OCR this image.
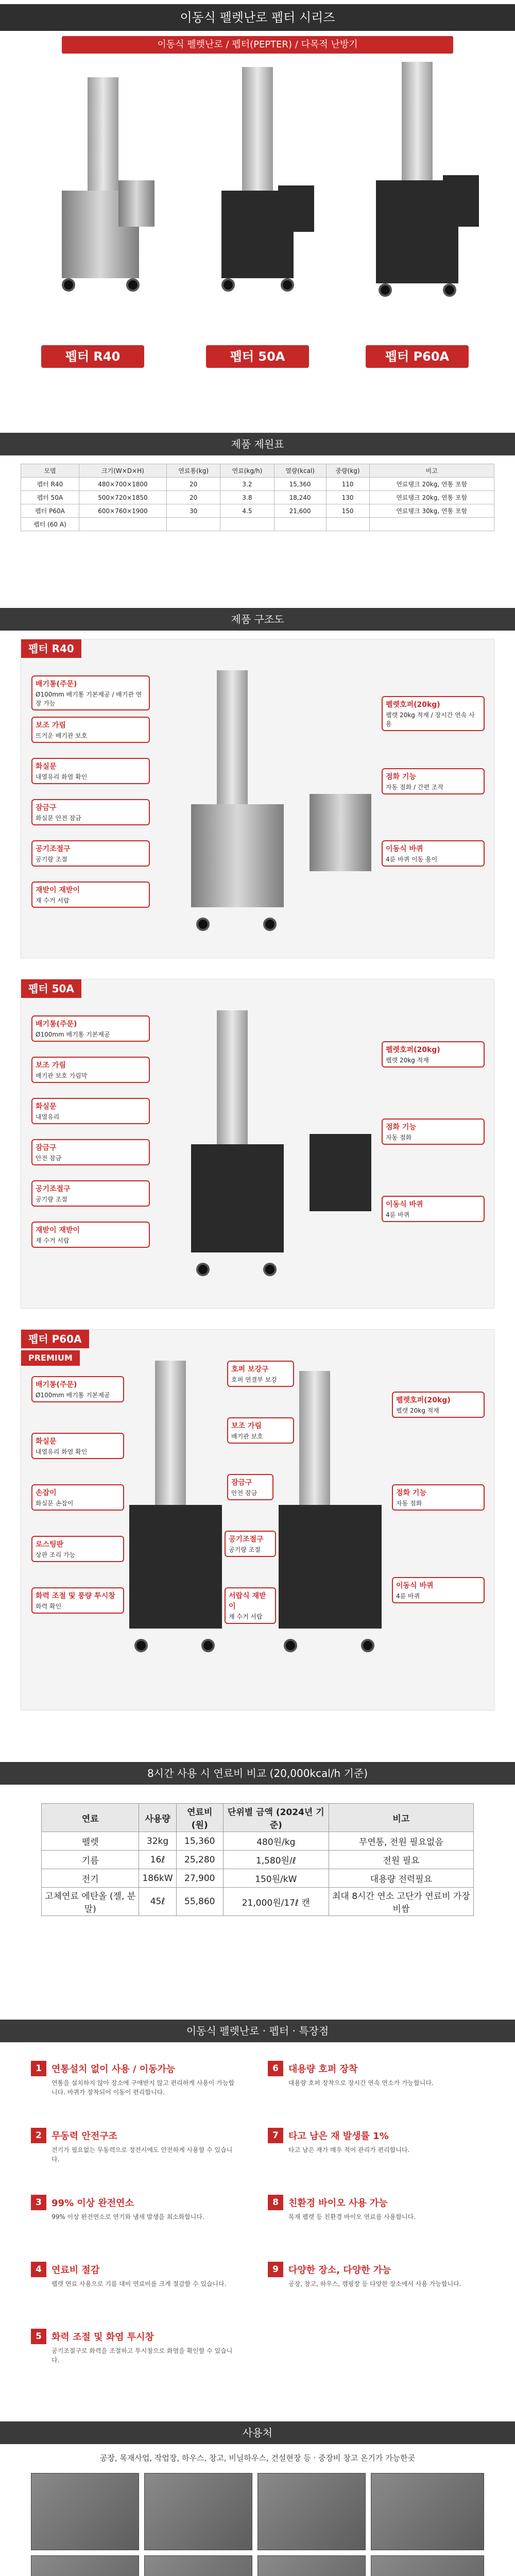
이동식 펠렛난로 펩터 시리즈
이동식 펠렛난로 / 펩터(PEPTER) / 다목적 난방기
펩터 R40	펩터 50A	펩터 P60A
제품 제원표
모델	크기(W×D×H)	연료통(kg)	연료(kg/h)	열량(kcal)	중량(kg)	비고
펩터 R40	480×700×1800	20	3.2	15,360	110	연료탱크 20kg, 연통 포함
펩터 50A	500×720×1850	20	3.8	18,240	130	연료탱크 20kg, 연통 포함
펩터 P60A	600×760×1900	30	4.5	21,600	150	연료탱크 30kg, 연통 포함
펩터 (60 A)						
제품 구조도
펩터 R40
배기통(주문)
Ø100mm 배기통 기본제공 / 배기관 연장 가능
보조 가림
뜨거운 배기관 보호
화실문
내열유리 화염 확인
잠금구
화실문 안전 잠금
공기조절구
공기량 조절
재받이 재받이
재 수거 서랍
펠렛호퍼(20kg)
펠렛 20kg 적재 / 장시간 연속 사용
점화 기능
자동 점화 / 간편 조작
이동식 바퀴
4륜 바퀴 이동 용이
펩터 50A
배기통(주문)
Ø100mm 배기통 기본제공
보조 가림
배기관 보호 가림막
화실문
내열유리
잠금구
안전 잠금
공기조절구
공기량 조절
재받이 재받이
재 수거 서랍
펠렛호퍼(20kg)
펠렛 20kg 적재
점화 기능
자동 점화
이동식 바퀴
4륜 바퀴
펩터 P60A
PREMIUM
배기통(주문)
Ø100mm 배기통 기본제공
화실문
내열유리 화염 확인
손잡이
화실문 손잡이
로스팅판
상판 조리 가능
화력 조절 및 풍량 투시창
화력 확인
호퍼 보강구
호퍼 연결부 보강
보조 가림
배기관 보호
잠금구
안전 잠금
공기조절구
공기량 조절
서랍식 재받이
재 수거 서랍
펠렛호퍼(20kg)
펠렛 20kg 적재
점화 기능
자동 점화
이동식 바퀴
4륜 바퀴
8시간 사용 시 연료비 비교 (20,000kcal/h 기준)
연료	사용량	연료비(원)	단위별 금액 (2024년 기준)	비고
펠렛	32kg	15,360	480원/kg	무연통, 전원 필요없음
기름	16ℓ	25,280	1,580원/ℓ	전원 필요
전기	186kW	27,900	150원/kW	대용량 전력필요
고체연료 에탄올 (젤, 분말)	45ℓ	55,860	21,000원/17ℓ 캔	최대 8시간 연소 고단가 연료비 가장 비쌈
이동식 펠렛난로 · 펩터 · 특장점
1	연통설치 없이 사용 / 이동가능
연통을 설치하지 않아 장소에 구애받지 않고 편리하게 사용이 가능합니다. 바퀴가 장착되어 이동이 편리합니다.
2	무동력 안전구조
전기가 필요없는 무동력으로 정전시에도 안전하게 사용할 수 있습니다.
3	99% 이상 완전연소
99% 이상 완전연소로 연기와 냄새 발생을 최소화합니다.
4	연료비 절감
펠렛 연료 사용으로 기름 대비 연료비를 크게 절감할 수 있습니다.
5	화력 조절 및 화염 투시창
공기조절구로 화력을 조절하고 투시창으로 화염을 확인할 수 있습니다.
6	대용량 호퍼 장착
대용량 호퍼 장착으로 장시간 연속 연소가 가능합니다.
7	타고 남은 재 발생률 1%
타고 남은 재가 매우 적어 관리가 편리합니다.
8	친환경 바이오 사용 가능
목재 펠렛 등 친환경 바이오 연료를 사용합니다.
9	다양한 장소, 다양한 가능
공장, 창고, 하우스, 캠핑장 등 다양한 장소에서 사용 가능합니다.
사용처
공장, 목재사업, 작업장, 하우스, 창고, 비닐하우스, 건설현장 등 · 중장비 창고 온기가 가능한곳
